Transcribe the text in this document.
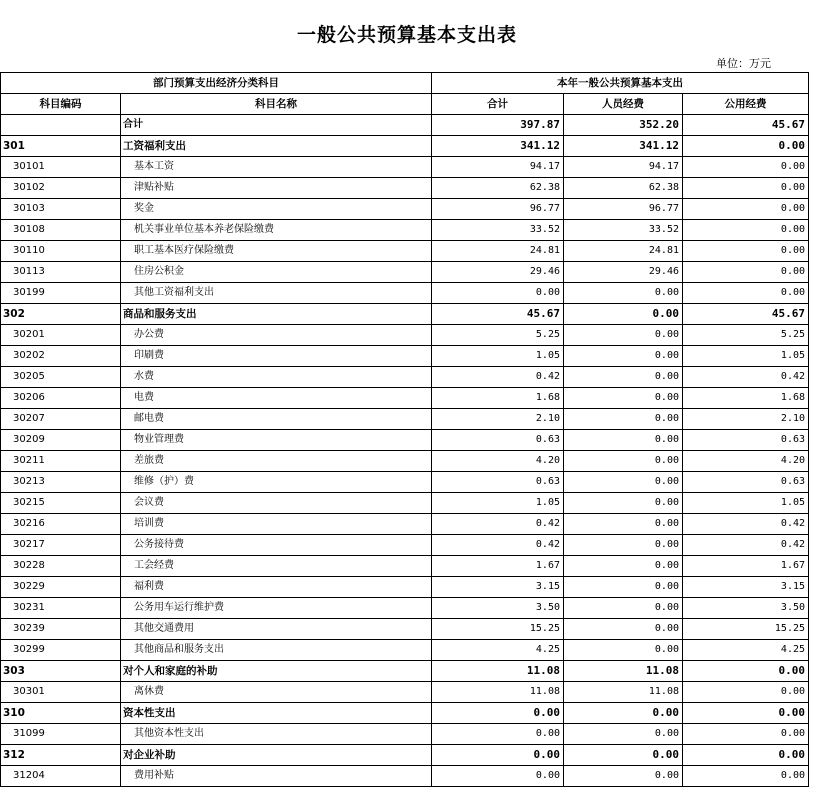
一般公共预算基本支出表
单位：万元
部门预算支出经济分类科目		本年一般公共预算基本支出		
科目编码	科目名称	合计	人员经费	公用经费
	合计	397.87	352.20	45.67
301	工资福利支出	341.12	341.12	0.00
30101	基本工资	94.17	94.17	0.00
30102	津贴补贴	62.38	62.38	0.00
30103	奖金	96.77	96.77	0.00
30108	机关事业单位基本养老保险缴费	33.52	33.52	0.00
30110	职工基本医疗保险缴费	24.81	24.81	0.00
30113	住房公积金	29.46	29.46	0.00
30199	其他工资福利支出	0.00	0.00	0.00
302	商品和服务支出	45.67	0.00	45.67
30201	办公费	5.25	0.00	5.25
30202	印刷费	1.05	0.00	1.05
30205	水费	0.42	0.00	0.42
30206	电费	1.68	0.00	1.68
30207	邮电费	2.10	0.00	2.10
30209	物业管理费	0.63	0.00	0.63
30211	差旅费	4.20	0.00	4.20
30213	维修（护）费	0.63	0.00	0.63
30215	会议费	1.05	0.00	1.05
30216	培训费	0.42	0.00	0.42
30217	公务接待费	0.42	0.00	0.42
30228	工会经费	1.67	0.00	1.67
30229	福利费	3.15	0.00	3.15
30231	公务用车运行维护费	3.50	0.00	3.50
30239	其他交通费用	15.25	0.00	15.25
30299	其他商品和服务支出	4.25	0.00	4.25
303	对个人和家庭的补助	11.08	11.08	0.00
30301	离休费	11.08	11.08	0.00
310	资本性支出	0.00	0.00	0.00
31099	其他资本性支出	0.00	0.00	0.00
312	对企业补助	0.00	0.00	0.00
31204	费用补贴	0.00	0.00	0.00
